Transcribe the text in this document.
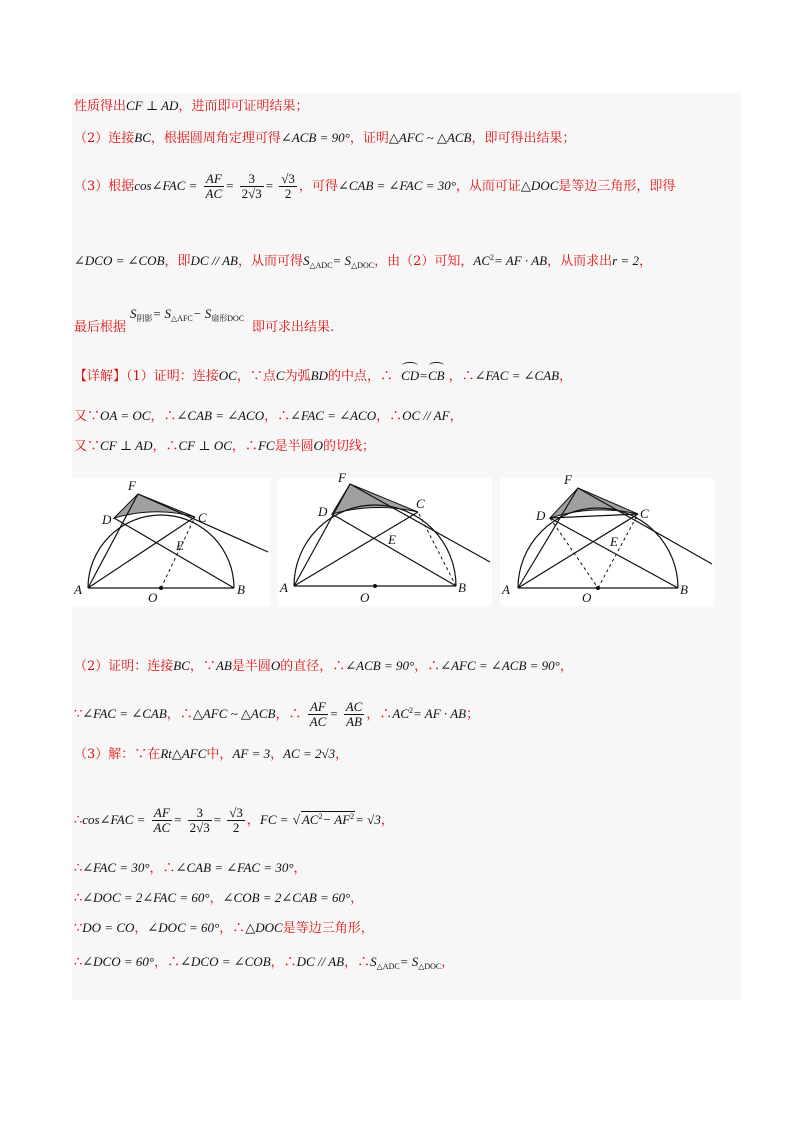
性质得出CF ⊥ AD，进而即可证明结果；
（2）连接BC，根据圆周角定理可得∠ACB = 90°，证明△AFC ~ △ACB，即可得出结果；
（3）根据cos∠FAC = $\frac{AF}{AC} = \frac{3}{2√3} = \frac{√3}{2}$ ，可得∠CAB = ∠FAC = 30°，从而可证△DOC是等边三角形，即得
∠DCO = ∠COB，即DC // AB，从而可得$S_{\triangle ADC}= S_{\triangle DOC}$，由（2）可知，$AC^2=$ AF · AB，从而求出r = 2，
$S_{阴影}= S_{\triangle AFC}- S_{扇形DOC}$
最后根据	即可求出结果.
【详解】（1）证明：连接OC，∵点C为弧BD的中点，∴ CD=CB ，∴∠FAC = ∠CAB，
又∵OA = OC，∴∠CAB = ∠ACO，∴∠FAC = ∠ACO，∴OC // AF，
又∵CF ⊥ AD，∴CF ⊥ OC，∴FC是半圆O的切线；
F
D	C
E
A	B
O
F
D
C
E
A	B
O
F
D	C
E
A	B
O
（2）证明：连接BC，∵AB是半圆O的直径，∴∠ACB = 90°，∴∠AFC = ∠ACB = 90°，
∵∠FAC = ∠CAB，∴△AFC ~ △ACB，∴ $\frac{AF}{AC} = \frac{AC}{AB}$ ，$\therefore AC^2=$ AF · AB；
（3）解：∵在Rt△AFC中，AF = 3，AC = 2√3，
∴cos∠FAC = $\frac{AF}{AC} = \frac{3}{2√3} = \frac{√3}{2}$ ，FC = √ $AC^2- AF^2= √3$，
∴∠FAC = 30°，∴∠CAB = ∠FAC = 30°，
∴∠DOC = 2∠FAC = 60°，∠COB = 2∠CAB = 60°，
∵DO = CO，∠DOC = 60°，∴△DOC是等边三角形，
∴∠DCO = 60°，∴∠DCO = ∠COB，∴DC // AB，$\therefore S_{\triangle ADC}= S_{\triangle DOC}$，
